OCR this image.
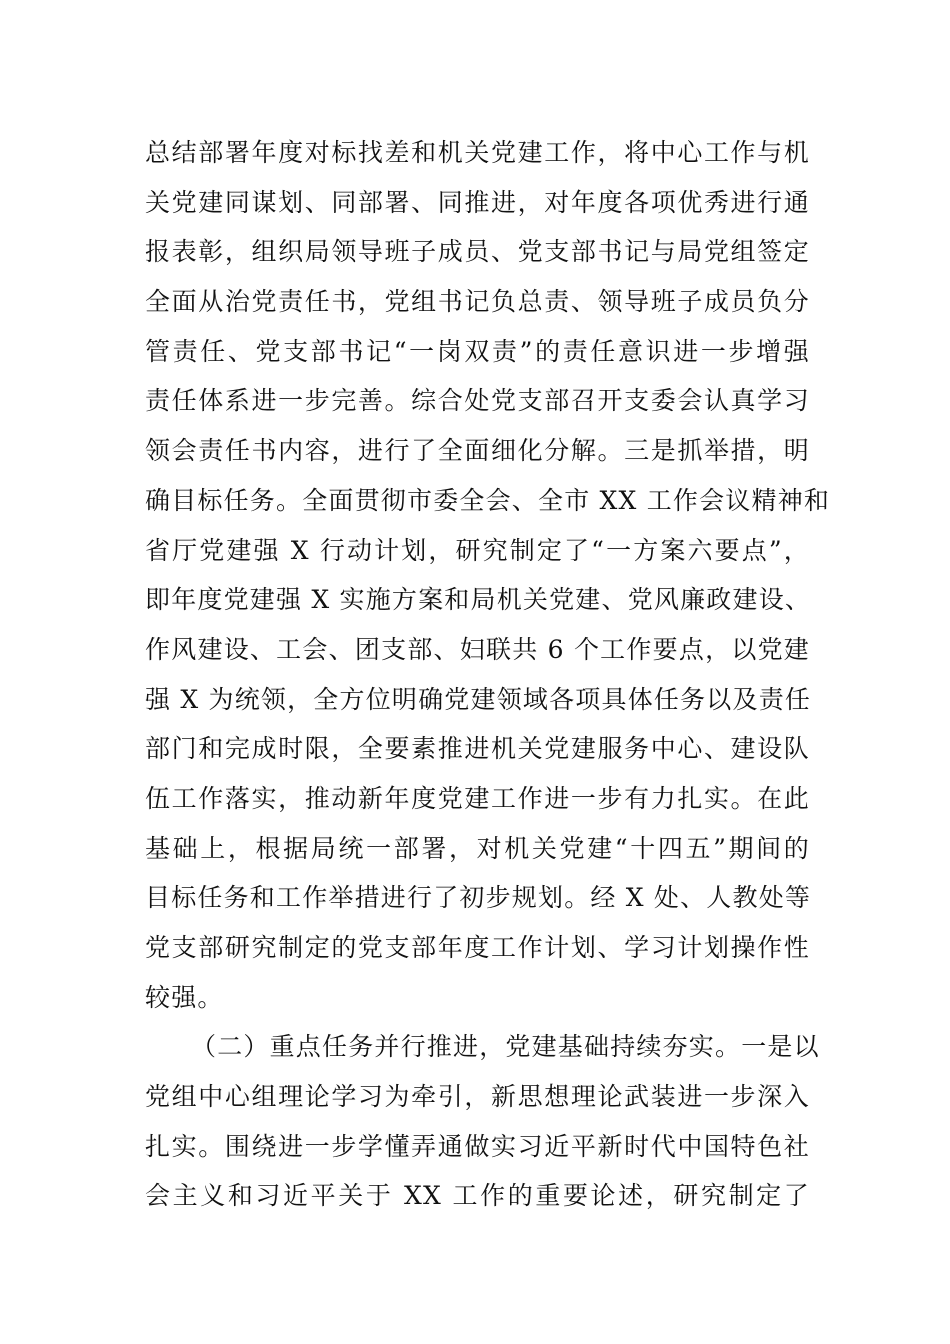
总结部署年度对标找差和机关党建工作，将中心工作与机
关党建同谋划、同部署、同推进，对年度各项优秀进行通
报表彰，组织局领导班子成员、党支部书记与局党组签定
全面从治党责任书，党组书记负总责、领导班子成员负分
管责任、党支部书记“一岗双责”的责任意识进一步增强
责任体系进一步完善。综合处党支部召开支委会认真学习
领会责任书内容，进行了全面细化分解。三是抓举措，明
确目标任务。全面贯彻市委全会、全市 XX 工作会议精神和
省厅党建强 X 行动计划，研究制定了“一方案六要点”，
即年度党建强 X 实施方案和局机关党建、党风廉政建设、
作风建设、工会、团支部、妇联共 6 个工作要点，以党建
强 X 为统领，全方位明确党建领域各项具体任务以及责任
部门和完成时限，全要素推进机关党建服务中心、建设队
伍工作落实，推动新年度党建工作进一步有力扎实。在此
基础上，根据局统一部署，对机关党建“十四五”期间的
目标任务和工作举措进行了初步规划。经 X 处、人教处等
党支部研究制定的党支部年度工作计划、学习计划操作性
较强。
（二）重点任务并行推进，党建基础持续夯实。一是以
党组中心组理论学习为牵引，新思想理论武装进一步深入
扎实。围绕进一步学懂弄通做实习近平新时代中国特色社
会主义和习近平关于 XX 工作的重要论述，研究制定了
